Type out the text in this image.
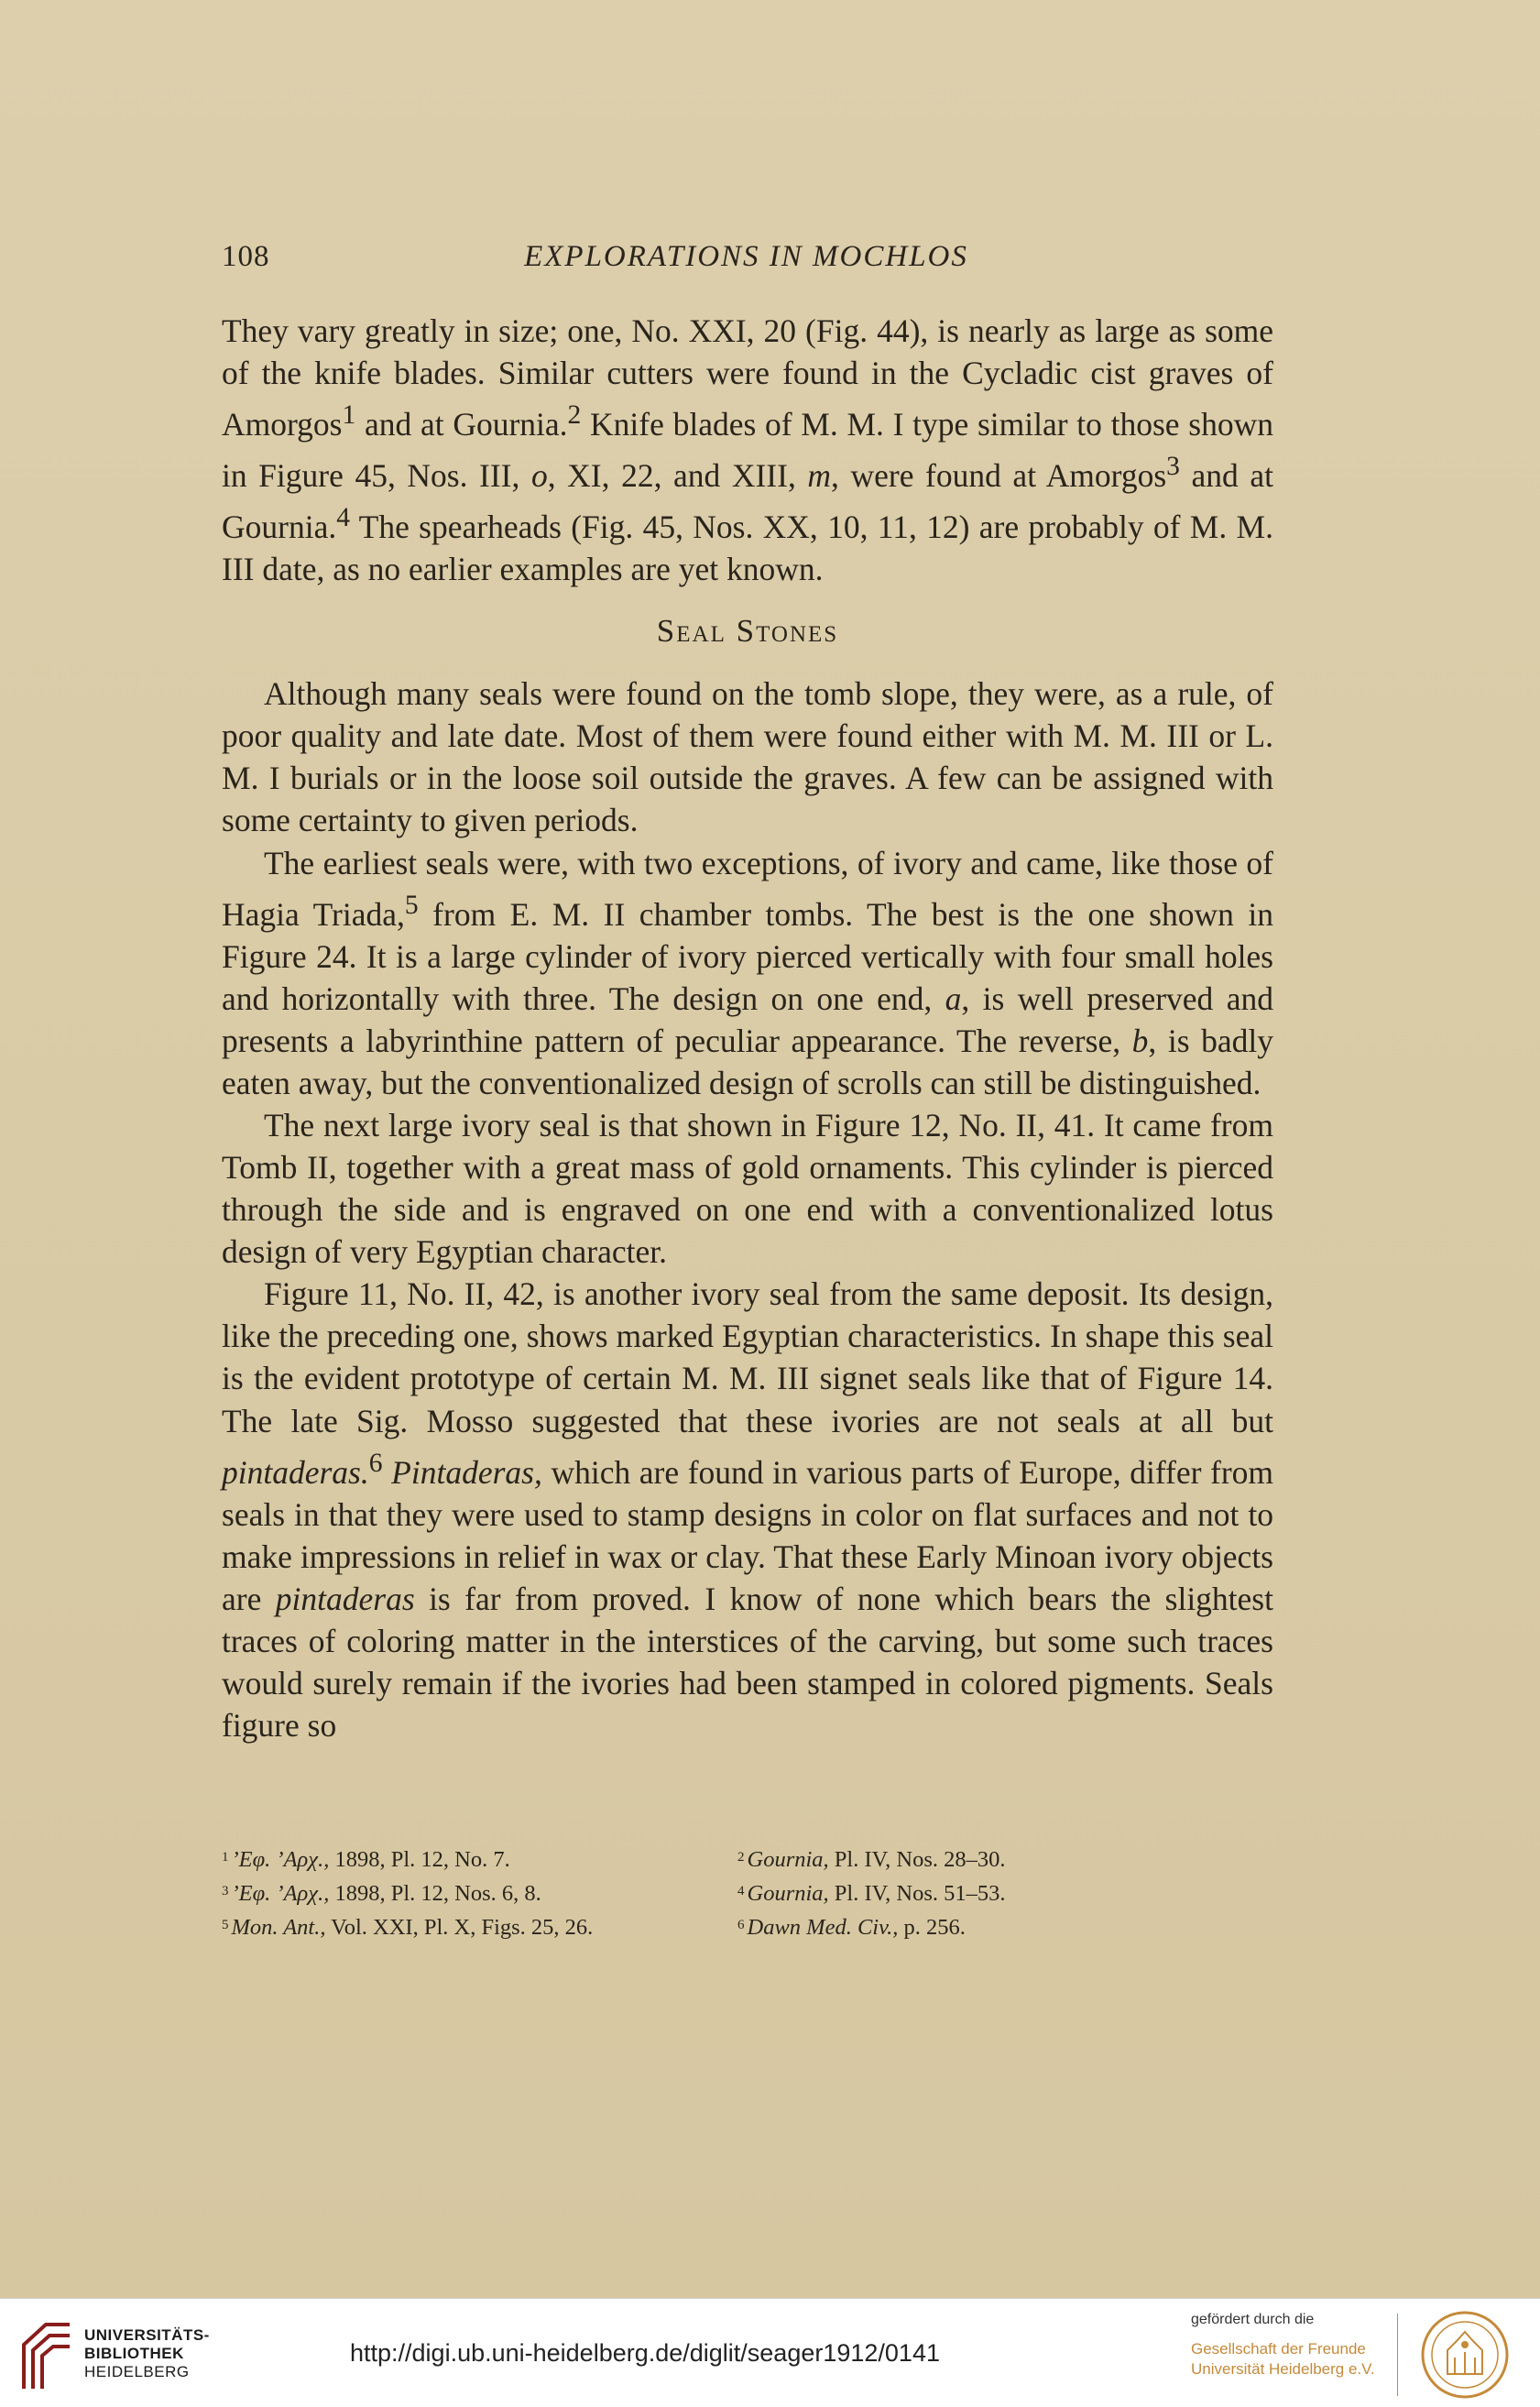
108	EXPLORATIONS IN MOCHLOS

They vary greatly in size; one, No. XXI, 20 (Fig. 44), is nearly as large as some of the knife blades. Similar cutters were found in the Cycladic cist graves of Amorgos$^1$ and at Gournia.$^2$ Knife blades of M. M. I type similar to those shown in Figure 45, Nos. III, o, XI, 22, and XIII, m, were found at Amorgos$^3$ and at Gournia.$^4$ The spearheads (Fig. 45, Nos. XX, 10, 11, 12) are probably of M. M. III date, as no earlier examples are yet known.

Seal Stones

Although many seals were found on the tomb slope, they were, as a rule, of poor quality and late date. Most of them were found either with M. M. III or L. M. I burials or in the loose soil outside the graves. A few can be assigned with some certainty to given periods.

The earliest seals were, with two exceptions, of ivory and came, like those of Hagia Triada,$^5$ from E. M. II chamber tombs. The best is the one shown in Figure 24. It is a large cylinder of ivory pierced vertically with four small holes and horizontally with three. The design on one end, a, is well preserved and presents a labyrinthine pattern of peculiar appearance. The reverse, b, is badly eaten away, but the conventionalized design of scrolls can still be distinguished.

The next large ivory seal is that shown in Figure 12, No. II, 41. It came from Tomb II, together with a great mass of gold ornaments. This cylinder is pierced through the side and is engraved on one end with a conventionalized lotus design of very Egyptian character.

Figure 11, No. II, 42, is another ivory seal from the same deposit. Its design, like the preceding one, shows marked Egyptian characteristics. In shape this seal is the evident prototype of certain M. M. III signet seals like that of Figure 14. The late Sig. Mosso suggested that these ivories are not seals at all but pintaderas.$^6$ Pintaderas, which are found in various parts of Europe, differ from seals in that they were used to stamp designs in color on flat surfaces and not to make impressions in relief in wax or clay. That these Early Minoan ivory objects are pintaderas is far from proved. I know of none which bears the slightest traces of coloring matter in the interstices of the carving, but some such traces would surely remain if the ivories had been stamped in colored pigments. Seals figure so

$^1$ ’Εφ. ’Αρχ., 1898, Pl. 12, No. 7.
$^3$ ’Εφ. ’Αρχ., 1898, Pl. 12, Nos. 6, 8.
$^5$ Mon. Ant., Vol. XXI, Pl. X, Figs. 25, 26.
$^2$ Gournia, Pl. IV, Nos. 28–30.
$^4$ Gournia, Pl. IV, Nos. 51–53.
$^6$ Dawn Med. Civ., p. 256.
UNIVERSITÄTS-
BIBLIOTHEK
HEIDELBERG
http://digi.ub.uni-heidelberg.de/diglit/seager1912/0141
gefördert durch die
Gesellschaft der Freunde
Universität Heidelberg e.V.
